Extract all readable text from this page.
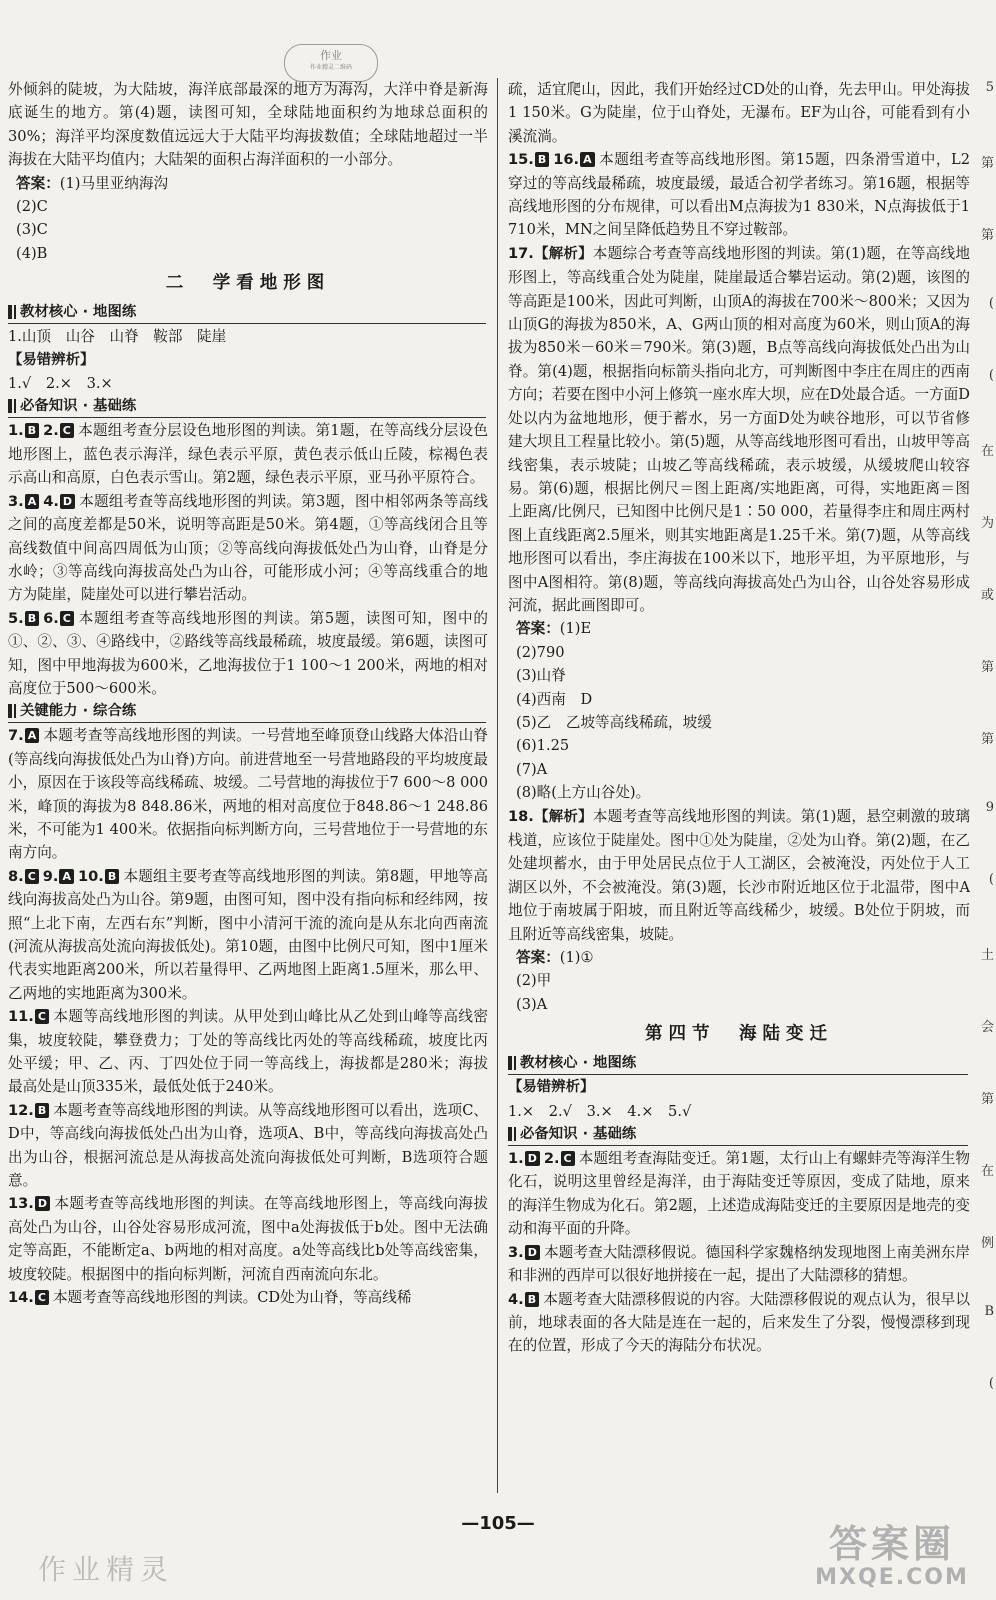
作业
作业精灵二维码

外倾斜的陡坡，为大陆坡，海洋底部最深的地方为海沟，大洋中脊是新海底诞生的地方。第(4)题，读图可知，全球陆地面积约为地球总面积的30%；海洋平均深度数值远远大于大陆平均海拔数值；全球陆地超过一半海拔在大陆平均值内；大陆架的面积占海洋面积的一小部分。

答案：(1)马里亚纳海沟

(2)C

(3)C

(4)B

二　学看地形图

教材核心 · 地图练

1.山顶　山谷　山脊　鞍部　陡崖

【易错辨析】

1.√　2.×　3.×

必备知识 · 基础练

1. B 2. C 本题组考查分层设色地形图的判读。第1题，在等高线分层设色地形图上，蓝色表示海洋，绿色表示平原，黄色表示低山丘陵，棕褐色表示高山和高原，白色表示雪山。第2题，绿色表示平原，亚马孙平原符合。

3. A 4. D 本题组考查等高线地形图的判读。第3题，图中相邻两条等高线之间的高度差都是50米，说明等高距是50米。第4题，①等高线闭合且等高线数值中间高四周低为山顶；②等高线向海拔低处凸为山脊，山脊是分水岭；③等高线向海拔高处凸为山谷，可能形成小河；④等高线重合的地方为陡崖，陡崖处可以进行攀岩活动。

5. B 6. C 本题组考查等高线地形图的判读。第5题，读图可知，图中的①、②、③、④路线中，②路线等高线最稀疏，坡度最缓。第6题，读图可知，图中甲地海拔为600米，乙地海拔位于1 100～1 200米，两地的相对高度位于500～600米。

关键能力 · 综合练

7. A 本题考查等高线地形图的判读。一号营地至峰顶登山线路大体沿山脊(等高线向海拔低处凸为山脊)方向。前进营地至一号营地路段的平均坡度最小，原因在于该段等高线稀疏、坡缓。二号营地的海拔位于7 600～8 000米，峰顶的海拔为8 848.86米，两地的相对高度位于848.86～1 248.86米，不可能为1 400米。依据指向标判断方向，三号营地位于一号营地的东南方向。

8. C 9. A 10. B 本题组主要考查等高线地形图的判读。第8题，甲地等高线向海拔高处凸为山谷。第9题，由图可知，图中没有指向标和经纬网，按照“上北下南，左西右东”判断，图中小清河干流的流向是从东北向西南流(河流从海拔高处流向海拔低处)。第10题，由图中比例尺可知，图中1厘米代表实地距离200米，所以若量得甲、乙两地图上距离1.5厘米，那么甲、乙两地的实地距离为300米。

11. C 本题等高线地形图的判读。从甲处到山峰比从乙处到山峰等高线密集，坡度较陡，攀登费力；丁处的等高线比丙处的等高线稀疏，坡度比丙处平缓；甲、乙、丙、丁四处位于同一等高线上，海拔都是280米；海拔最高处是山顶335米，最低处低于240米。

12. B 本题考查等高线地形图的判读。从等高线地形图可以看出，选项C、D中，等高线向海拔低处凸出为山脊，选项A、B中，等高线向海拔高处凸出为山谷，根据河流总是从海拔高处流向海拔低处可判断，B选项符合题意。

13. D 本题考查等高线地形图的判读。在等高线地形图上，等高线向海拔高处凸为山谷，山谷处容易形成河流，图中a处海拔低于b处。图中无法确定等高距，不能断定a、b两地的相对高度。a处等高线比b处等高线密集，坡度较陡。根据图中的指向标判断，河流自西南流向东北。

14. C 本题考查等高线地形图的判读。CD处为山脊，等高线稀

疏，适宜爬山，因此，我们开始经过CD处的山脊，先去甲山。甲处海拔1 150米。G为陡崖，位于山脊处，无瀑布。EF为山谷，可能看到有小溪流淌。

15. B 16. A 本题组考查等高线地形图。第15题，四条滑雪道中，L2穿过的等高线最稀疏，坡度最缓，最适合初学者练习。第16题，根据等高线地形图的分布规律，可以看出M点海拔为1 830米，N点海拔低于1 710米，MN之间呈降低趋势且不穿过鞍部。

17.【解析】本题综合考查等高线地形图的判读。第(1)题，在等高线地形图上，等高线重合处为陡崖，陡崖最适合攀岩运动。第(2)题，该图的等高距是100米，因此可判断，山顶A的海拔在700米～800米；又因为山顶G的海拔为850米，A、G两山顶的相对高度为60米，则山顶A的海拔为850米－60米＝790米。第(3)题，B点等高线向海拔低处凸出为山脊。第(4)题，根据指向标箭头指向北方，可判断图中李庄在周庄的西南方向；若要在图中小河上修筑一座水库大坝，应在D处最合适。一方面D处以内为盆地地形，便于蓄水，另一方面D处为峡谷地形，可以节省修建大坝且工程量比较小。第(5)题，从等高线地形图可看出，山坡甲等高线密集，表示坡陡；山坡乙等高线稀疏，表示坡缓，从缓坡爬山较容易。第(6)题，根据比例尺＝图上距离/实地距离，可得，实地距离＝图上距离/比例尺，已知图中比例尺是1∶50 000，若量得李庄和周庄两村图上直线距离2.5厘米，则其实地距离是1.25千米。第(7)题，从等高线地形图可以看出，李庄海拔在100米以下，地形平坦，为平原地形，与图中A图相符。第(8)题，等高线向海拔高处凸为山谷，山谷处容易形成河流，据此画图即可。

答案：(1)E

(2)790

(3)山脊

(4)西南　D

(5)乙　乙坡等高线稀疏，坡缓

(6)1.25

(7)A

(8)略(上方山谷处)。

18.【解析】本题考查等高线地形图的判读。第(1)题，悬空刺激的玻璃栈道，应该位于陡崖处。图中①处为陡崖，②处为山脊。第(2)题，在乙处建坝蓄水，由于甲处居民点位于人工湖区，会被淹没，丙处位于人工湖区以外，不会被淹没。第(3)题，长沙市附近地区位于北温带，图中A地位于南坡属于阳坡，而且附近等高线稀少，坡缓。B处位于阴坡，而且附近等高线密集，坡陡。

答案：(1)①

(2)甲

(3)A

第四节　海陆变迁

教材核心 · 地图练

【易错辨析】

1.×　2.√　3.×　4.×　5.√

必备知识 · 基础练

1. D 2. C 本题组考查海陆变迁。第1题，太行山上有螺蚌壳等海洋生物化石，说明这里曾经是海洋，由于海陆变迁等原因，变成了陆地，原来的海洋生物成为化石。第2题，上述造成海陆变迁的主要原因是地壳的变动和海平面的升降。

3. D 本题考查大陆漂移假说。德国科学家魏格纳发现地图上南美洲东岸和非洲的西岸可以很好地拼接在一起，提出了大陆漂移的猜想。

4. B 本题考查大陆漂移假说的内容。大陆漂移假说的观点认为，很早以前，地球表面的各大陆是连在一起的，后来发生了分裂，慢慢漂移到现在的位置，形成了今天的海陆分布状况。

5
第
第
(
(
在
为
或
第
第
9
(
土
会
第
在
例
B
(
—105—
作业精灵
答案圈
MXQE.COM
